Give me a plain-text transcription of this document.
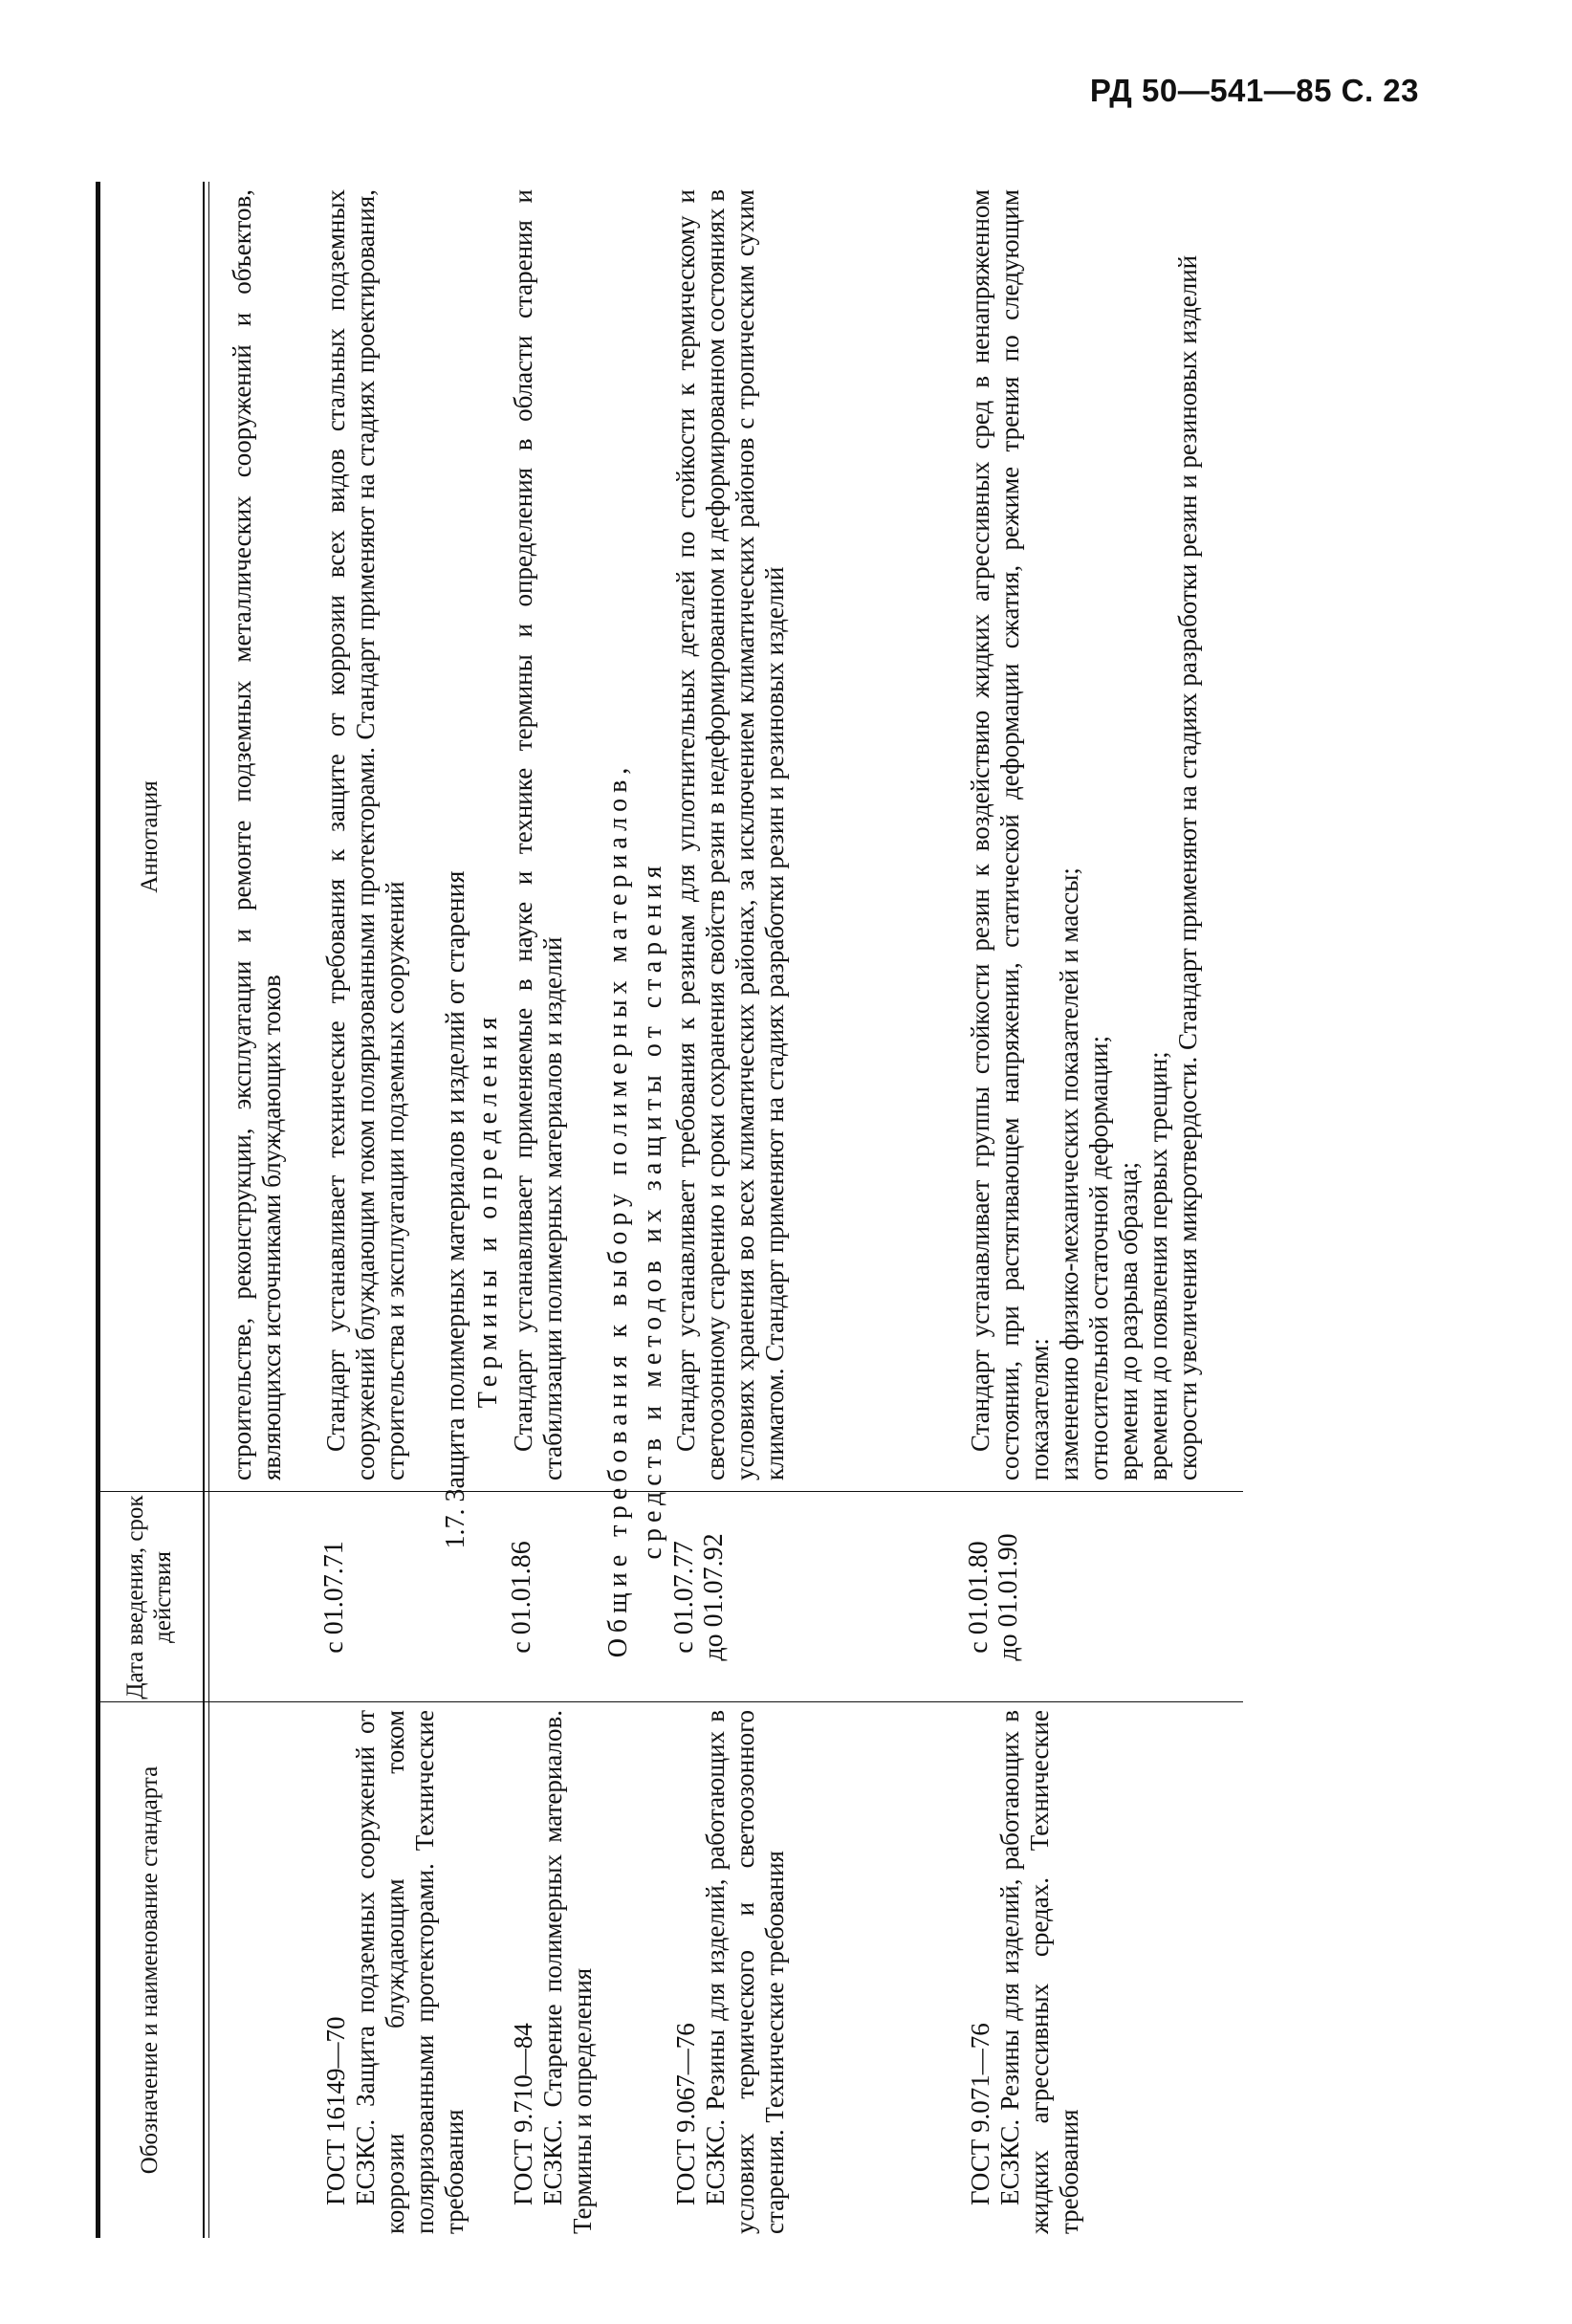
РД 50—541—85 С. 23
Обозначение и наименование стандарта
Дата введения, срок действия
Аннотация	строительстве, реконструкции, эксплуатации и ремонте подземных металлических сооружений и объектов, являющихся источниками блуждающих токов

ГОСТ 16149—70 ЕСЗКС. Защита подземных сооружений от коррозии блуждающим током поляризованными протекторами. Технические требования

с 01.07.71

Стандарт устанавливает технические требования к защите от коррозии всех видов стальных подземных сооружений блуждающим током поляризованными протекторами. Стандарт применяют на стадиях проектирования, строительства и эксплуатации подземных сооружений 1.7. Защита полимерных материалов и изделий от старения Термины и определения

ГОСТ 9.710—84 ЕСЗКС. Старение полимерных материалов. Термины и определения

с 01.01.86

Стандарт устанавливает применяемые в науке и технике термины и определения в области старения и стабилизации полимерных материалов и изделий Общие требования к выбору полимерных материалов, средств и методов их защиты от старения

ГОСТ 9.067—76 ЕСЗКС. Резины для изделий, работающих в условиях термического и светоозонного старения. Технические требования

с 01.07.77 до 01.07.92

Стандарт устанавливает требования к резинам для уплотнительных деталей по стойкости к термическому и светоозонному старению и сроки сохранения свойств резин в недеформированном и деформированном состояниях в условиях хранения во всех климатических районах, за исключением климатических районов с тропическим сухим климатом. Стандарт применяют на стадиях разработки резин и резиновых изделий

ГОСТ 9.071—76 ЕСЗКС. Резины для изделий, работающих в жидких агрессивных средах. Технические требования

с 01.01.80 до 01.01.90

Стандарт устанавливает группы стойкости резин к воздействию жидких агрессивных сред в ненапряженном состоянии, при растягивающем напряжении, статической деформации сжатия, режиме трения по следующим показателям: изменению физико-механических показателей и массы; относительной остаточной деформации; времени до разрыва образца; времени до появления первых трещин; скорости увеличения микротвердости. Стандарт применяют на стадиях разработки резин и резиновых изделий
